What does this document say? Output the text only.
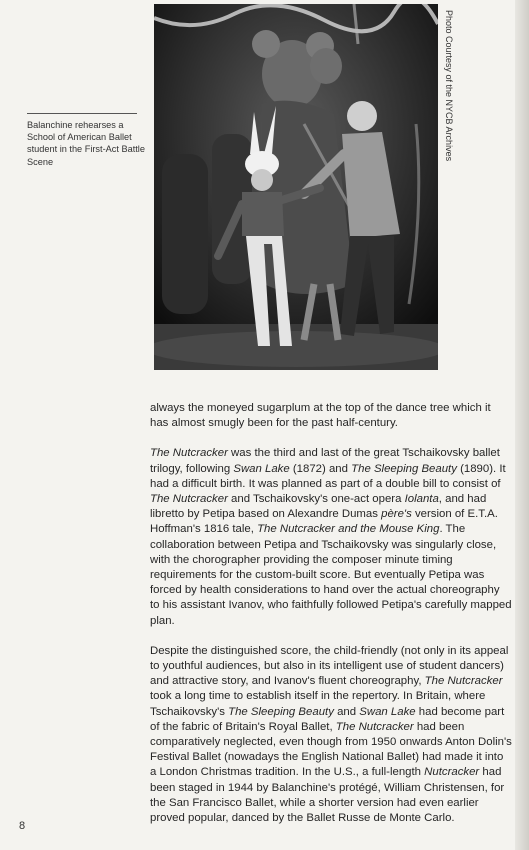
Photo Courtesy of the NYCB Archives
Balanchine rehearses a School of American Ballet student in the First-Act Battle Scene

always the moneyed sugarplum at the top of the dance tree which it has almost smugly been for the past half-century.

The Nutcracker was the third and last of the great Tschaikovsky ballet trilogy, following Swan Lake (1872) and The Sleeping Beauty (1890). It had a difficult birth. It was planned as part of a double bill to consist of The Nutcracker and Tschaikovsky's one-act opera Iolanta, and had libretto by Petipa based on Alexandre Dumas père's version of E.T.A. Hoffman's 1816 tale, The Nutcracker and the Mouse King. The collaboration between Petipa and Tschaikovsky was singularly close, with the chorographer providing the composer minute timing requirements for the custom-built score. But eventually Petipa was forced by health considerations to hand over the actual choreography to his assistant Ivanov, who faithfully followed Petipa's carefully mapped plan.

Despite the distinguished score, the child-friendly (not only in its appeal to youthful audiences, but also in its intelligent use of student dancers) and attractive story, and Ivanov's fluent choreography, The Nutcracker took a long time to establish itself in the repertory. In Britain, where Tschaikovsky's The Sleeping Beauty and Swan Lake had become part of the fabric of Britain's Royal Ballet, The Nutcracker had been comparatively neglected, even though from 1950 onwards Anton Dolin's Festival Ballet (nowadays the English National Ballet) had made it into a London Christmas tradition. In the U.S., a full-length Nutcracker had been staged in 1944 by Balanchine's protégé, William Christensen, for the San Francisco Ballet, while a shorter version had even earlier proved popular, danced by the Ballet Russe de Monte Carlo.

8
